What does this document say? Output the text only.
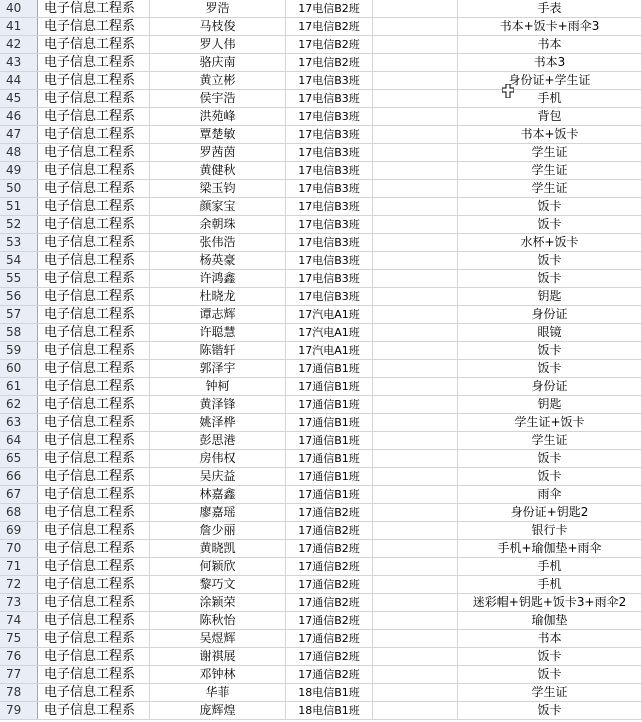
40	电子信息工程系	罗浩	17电信B2班	手表
41	电子信息工程系	马枝俊	17电信B2班	书本+饭卡+雨伞3
42	电子信息工程系	罗人伟	17电信B2班	书本
43	电子信息工程系	骆庆南	17电信B2班	书本3
44	电子信息工程系	黄立彬	17电信B3班	身份证+学生证
45	电子信息工程系	侯宇浩	17电信B3班	手机
46	电子信息工程系	洪苑峰	17电信B3班	背包
47	电子信息工程系	覃楚敏	17电信B3班	书本+饭卡
48	电子信息工程系	罗茜茵	17电信B3班	学生证
49	电子信息工程系	黄健秋	17电信B3班	学生证
50	电子信息工程系	梁玉钧	17电信B3班	学生证
51	电子信息工程系	颜家宝	17电信B3班	饭卡
52	电子信息工程系	余朝珠	17电信B3班	饭卡
53	电子信息工程系	张伟浩	17电信B3班	水杯+饭卡
54	电子信息工程系	杨英豪	17电信B3班	饭卡
55	电子信息工程系	许鸿鑫	17电信B3班	饭卡
56	电子信息工程系	杜晓龙	17电信B3班	钥匙
57	电子信息工程系	谭志辉	17汽电A1班	身份证
58	电子信息工程系	许聪慧	17汽电A1班	眼镜
59	电子信息工程系	陈锴轩	17汽电A1班	饭卡
60	电子信息工程系	郭泽宇	17通信B1班	饭卡
61	电子信息工程系	钟柯	17通信B1班	身份证
62	电子信息工程系	黄泽锋	17通信B1班	钥匙
63	电子信息工程系	姚泽桦	17通信B1班	学生证+饭卡
64	电子信息工程系	彭思港	17通信B1班	学生证
65	电子信息工程系	房伟权	17通信B1班	饭卡
66	电子信息工程系	吴庆益	17通信B1班	饭卡
67	电子信息工程系	林嘉鑫	17通信B1班	雨伞
68	电子信息工程系	廖嘉瑶	17通信B2班	身份证+钥匙2
69	电子信息工程系	詹少丽	17通信B2班	银行卡
70	电子信息工程系	黄晓凯	17通信B2班	手机+瑜伽垫+雨伞
71	电子信息工程系	何颖欣	17通信B2班	手机
72	电子信息工程系	黎巧文	17通信B2班	手机
73	电子信息工程系	涂颖荣	17通信B2班	迷彩帽+钥匙+饭卡3+雨伞2
74	电子信息工程系	陈秋怡	17通信B2班	瑜伽垫
75	电子信息工程系	吴煜辉	17通信B2班	书本
76	电子信息工程系	谢祺展	17通信B2班	饭卡
77	电子信息工程系	邓钟林	17通信B2班	饭卡
78	电子信息工程系	华菲	18电信B1班	学生证
79	电子信息工程系	庞辉煌	18电信B1班	饭卡
